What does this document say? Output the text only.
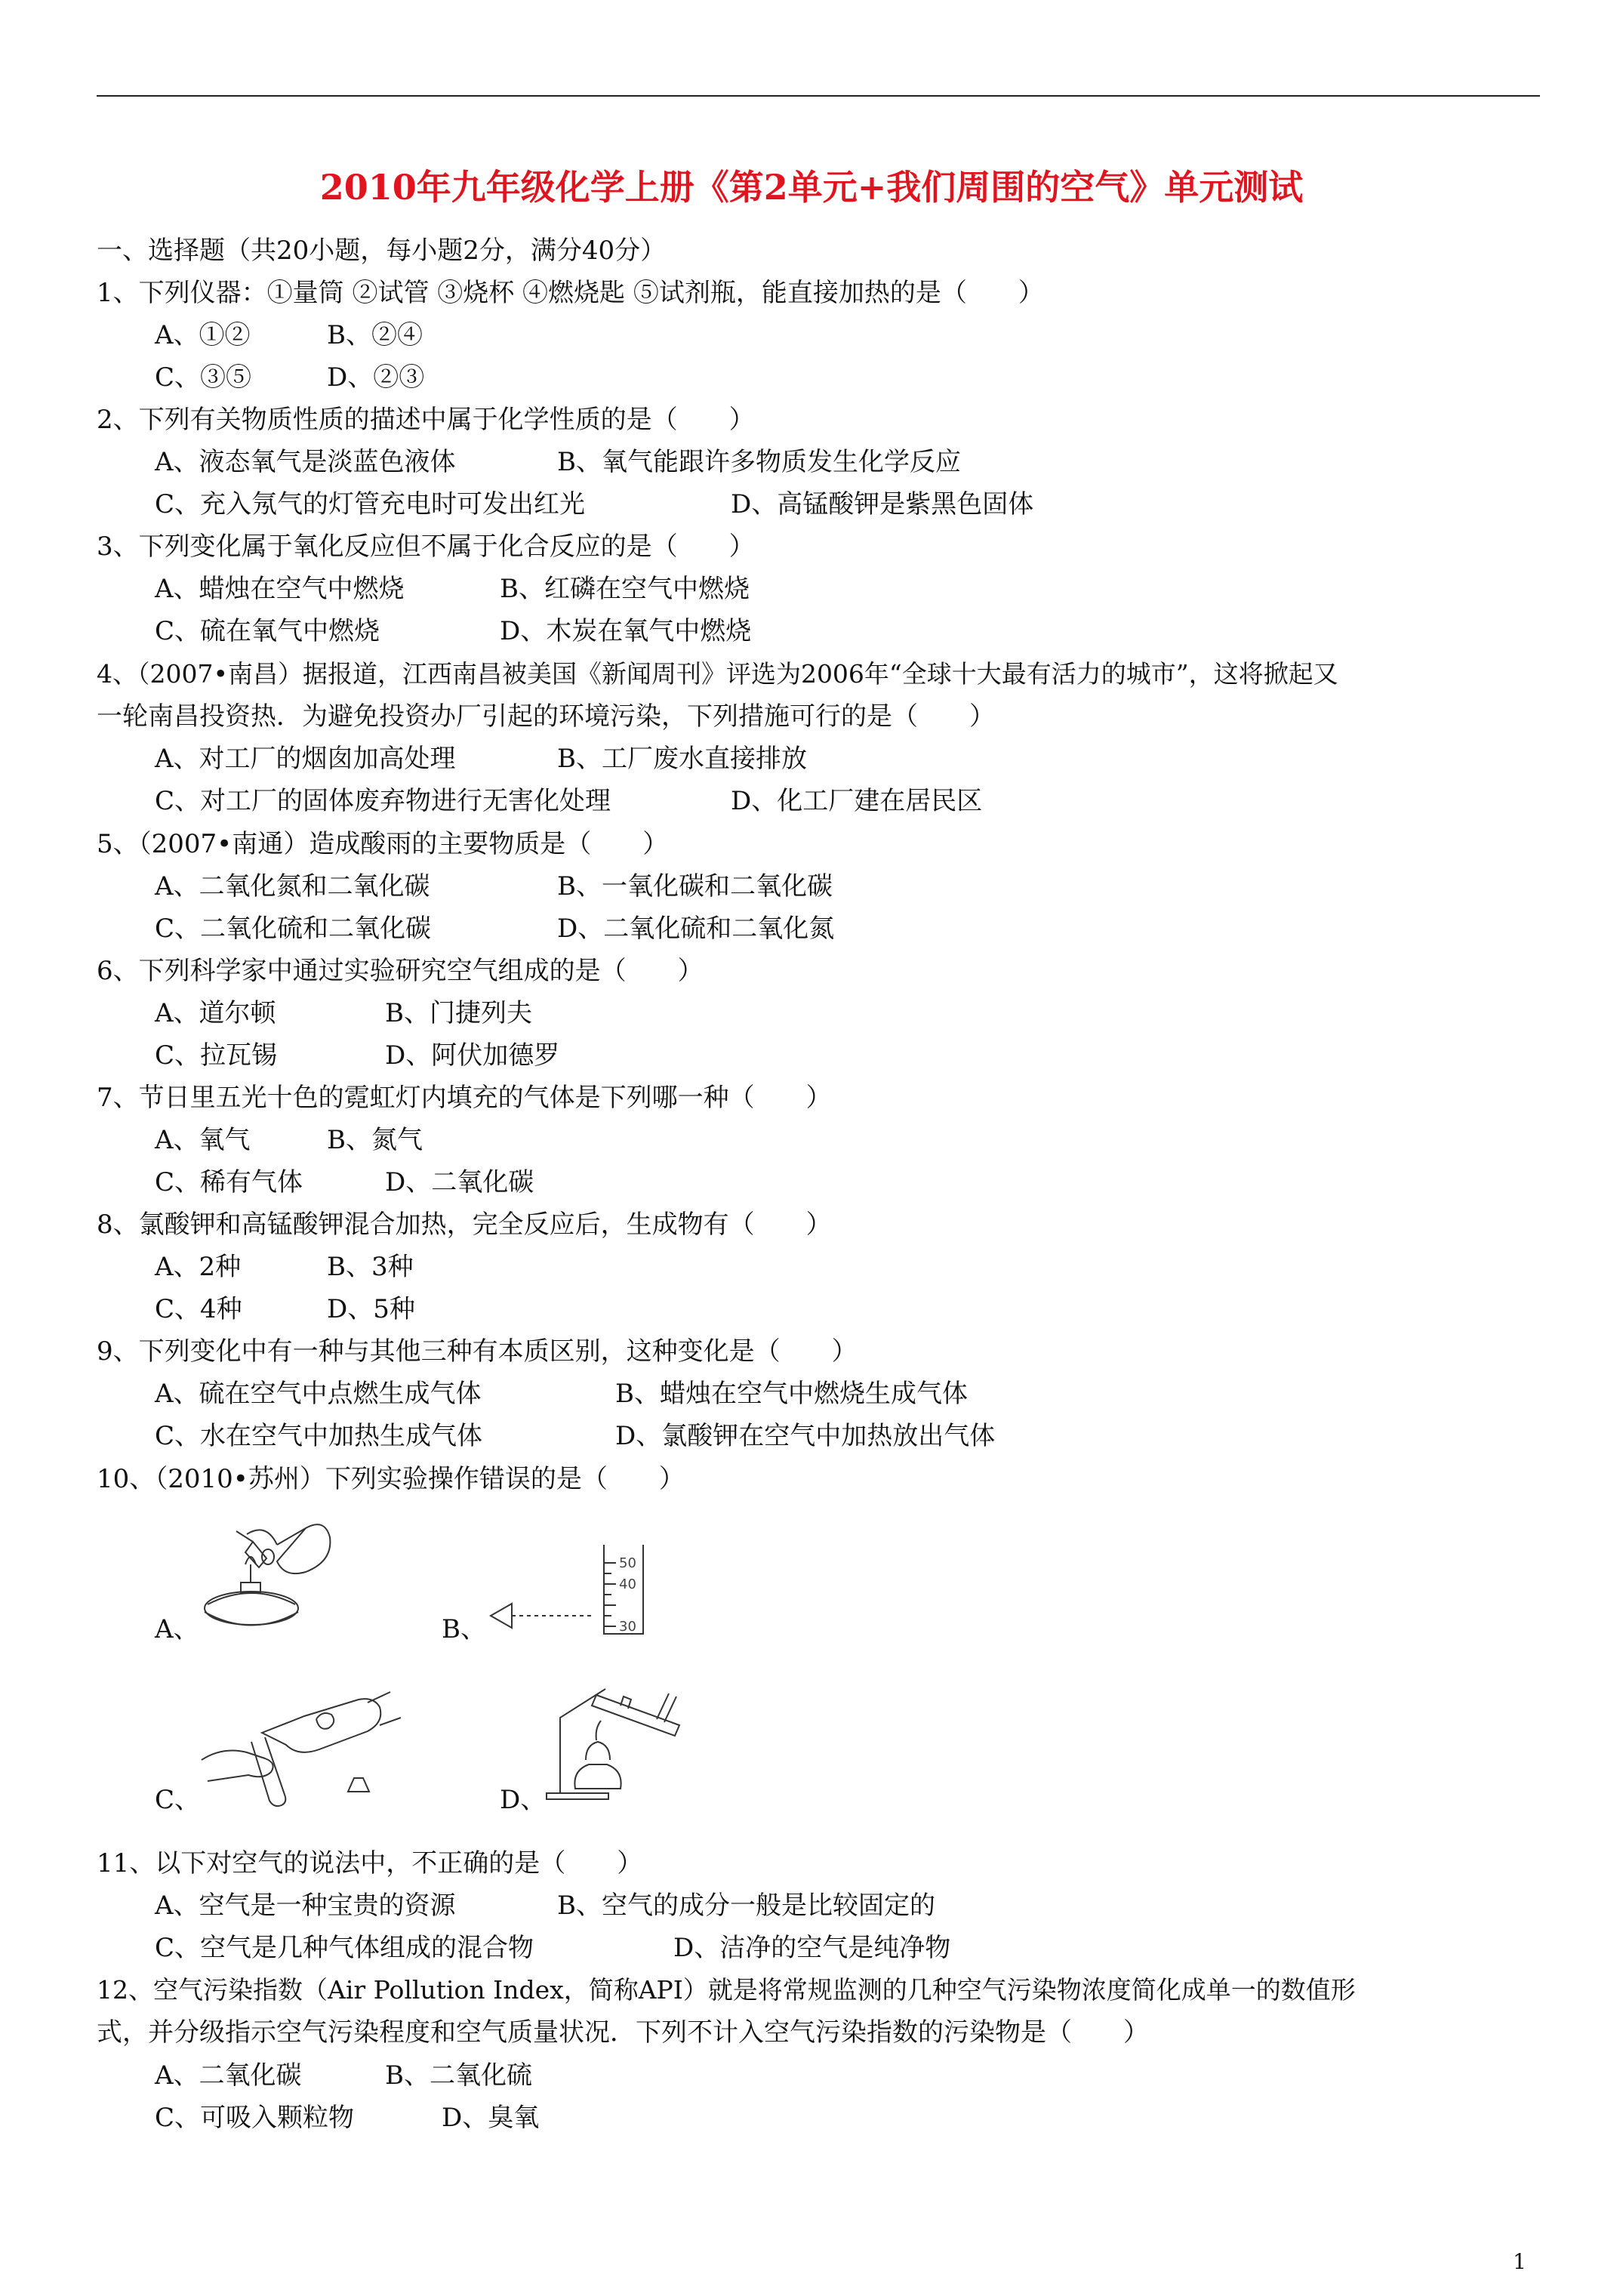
2010年九年级化学上册《第2单元+我们周围的空气》单元测试
一、选择题（共20小题，每小题2分，满分40分）
1、下列仪器：①量筒 ②试管 ③烧杯 ④燃烧匙 ⑤试剂瓶，能直接加热的是（　　）
A、①②	B、②④
C、③⑤	D、②③
2、下列有关物质性质的描述中属于化学性质的是（　　）
A、液态氧气是淡蓝色液体	B、氧气能跟许多物质发生化学反应
C、充入氖气的灯管充电时可发出红光	D、高锰酸钾是紫黑色固体
3、下列变化属于氧化反应但不属于化合反应的是（　　）
A、蜡烛在空气中燃烧	B、红磷在空气中燃烧
C、硫在氧气中燃烧	D、木炭在氧气中燃烧
4、（2007•南昌）据报道，江西南昌被美国《新闻周刊》评选为2006年“全球十大最有活力的城市”，这将掀起又
一轮南昌投资热．为避免投资办厂引起的环境污染，下列措施可行的是（　　）
A、对工厂的烟囱加高处理	B、工厂废水直接排放
C、对工厂的固体废弃物进行无害化处理	D、化工厂建在居民区
5、（2007•南通）造成酸雨的主要物质是（　　）
A、二氧化氮和二氧化碳	B、一氧化碳和二氧化碳
C、二氧化硫和二氧化碳	D、二氧化硫和二氧化氮
6、下列科学家中通过实验研究空气组成的是（　　）
A、道尔顿	B、门捷列夫
C、拉瓦锡	D、阿伏加德罗
7、节日里五光十色的霓虹灯内填充的气体是下列哪一种（　　）
A、氧气	B、氮气
C、稀有气体	D、二氧化碳
8、氯酸钾和高锰酸钾混合加热，完全反应后，生成物有（　　）
A、2种	B、3种
C、4种	D、5种
9、下列变化中有一种与其他三种有本质区别，这种变化是（　　）
A、硫在空气中点燃生成气体	B、蜡烛在空气中燃烧生成气体
C、水在空气中加热生成气体	D、氯酸钾在空气中加热放出气体
10、（2010•苏州）下列实验操作错误的是（　　）
A、
50
40
30
B、
C、	D、
11、以下对空气的说法中，不正确的是（　　）
A、空气是一种宝贵的资源	B、空气的成分一般是比较固定的
C、空气是几种气体组成的混合物	D、洁净的空气是纯净物
12、空气污染指数（Air Pollution Index，简称API）就是将常规监测的几种空气污染物浓度简化成单一的数值形
式，并分级指示空气污染程度和空气质量状况．下列不计入空气污染指数的污染物是（　　）
A、二氧化碳	B、二氧化硫
C、可吸入颗粒物	D、臭氧
1
